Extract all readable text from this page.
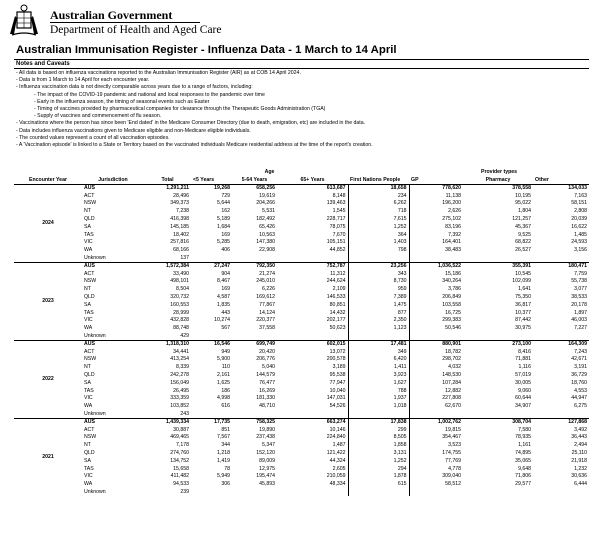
Australian Government
Department of Health and Aged Care
Australian Immunisation Register - Influenza Data - 1 March to 14 April
Notes and Caveats
- All data is based on influenza vaccinations reported to the Australian Immunisation Register (AIR) as at COB 14 April 2024.
- Data is from 1 March to 14 April for each encounter year.
- Influenza vaccination data is not directly comparable across years due to a range of factors, including:
- The impact of the COVID-19 pandemic and national and local responses to the pandemic over time
- Early in the influenza season, the timing of seasonal events such as Easter
- Timing of vaccines provided by pharmaceutical companies for clearance through the Therapeutic Goods Administration (TGA)
- Supply of vaccines and commencement of flu season.
- Vaccinations where the person has since been 'End dated' in the Medicare Consumer Directory (due to death, emigration, etc) are included in the data.
- Data includes influenza vaccinations given to Medicare eligible and non-Medicare eligible individuals.
- The counted values represent a count of all vaccination episodes.
- A 'Vaccination episode' is linked to a State or Territory based on the vaccinated individuals Medicare residential address at the time of the report's creation.
			Age				Provider types		
Encounter Year	Jurisdiction	Total	<5 Years	5-64 Years	65+ Years	First Nations People	GP	Pharmacy	Other
2024	AUS	1,291,211	19,268	658,256	613,687	18,658	778,620	378,558	134,033
	ACT	28,496	729	19,619	8,148	234	11,138	10,195	7,163
	NSW	349,373	5,644	204,266	139,463	6,262	196,200	95,022	58,151
	NT	7,238	162	5,531	1,545	718	2,626	1,804	2,808
	QLD	416,398	5,189	182,492	228,717	7,615	275,102	121,257	20,039
	SA	145,185	1,684	65,426	78,075	1,252	83,196	45,367	16,622
	TAS	18,402	169	10,563	7,670	364	7,392	9,525	1,485
	VIC	257,816	5,285	147,380	105,151	1,403	164,401	68,822	24,593
	WA	68,166	406	22,908	44,852	798	38,483	26,527	3,156
	Unknown	137							
2023	AUS	1,572,384	27,247	792,350	752,787	23,256	1,036,522	355,391	180,471
	ACT	33,490	904	21,274	11,312	343	15,186	10,545	7,759
	NSW	498,101	8,467	245,010	244,624	8,730	340,264	102,099	55,738
	NT	8,504	169	6,226	2,109	959	3,786	1,641	3,077
	QLD	320,732	4,587	169,612	146,533	7,389	206,849	75,350	38,533
	SA	160,553	1,835	77,867	80,851	1,475	103,558	36,817	20,178
	TAS	28,999	443	14,124	14,432	877	16,725	10,377	1,897
	VIC	432,828	10,274	220,377	202,177	2,350	299,383	87,442	46,003
	WA	88,748	567	37,558	50,623	1,123	50,546	30,975	7,227
	Unknown	429							
2022	AUS	1,318,310	16,546	699,749	602,015	17,481	880,901	273,100	164,309
	ACT	34,441	949	20,420	13,072	349	18,782	8,416	7,243
	NSW	413,254	5,900	206,776	200,578	6,420	298,702	71,881	42,671
	NT	8,339	110	5,040	3,189	1,411	4,032	1,116	3,191
	QLD	242,278	2,161	144,579	95,538	3,923	148,530	57,019	36,729
	SA	156,049	1,625	76,477	77,947	1,627	107,284	30,005	18,760
	TAS	26,495	186	16,269	10,040	788	12,882	9,060	4,553
	VIC	333,359	4,998	181,330	147,031	1,937	227,808	60,644	44,947
	WA	103,852	616	48,710	54,526	1,018	62,670	34,907	6,275
	Unknown	243							
2021	AUS	1,439,334	17,735	758,325	663,274	17,838	1,002,762	308,704	127,868
	ACT	30,887	851	19,890	10,146	299	19,815	7,580	3,492
	NSW	469,465	7,567	237,438	224,840	8,505	354,467	78,935	36,443
	NT	7,178	344	5,347	1,487	1,858	3,523	1,161	2,494
	QLD	274,760	1,218	152,120	121,422	3,131	174,755	74,895	25,110
	SA	134,752	1,419	89,009	44,324	1,252	77,769	35,065	21,918
	TAS	15,658	78	12,975	2,605	294	4,778	9,648	1,232
	VIC	411,482	5,949	195,474	210,059	1,878	309,040	71,806	30,636
	WA	94,533	306	45,893	48,334	615	58,512	29,577	6,444
	Unknown	239							
